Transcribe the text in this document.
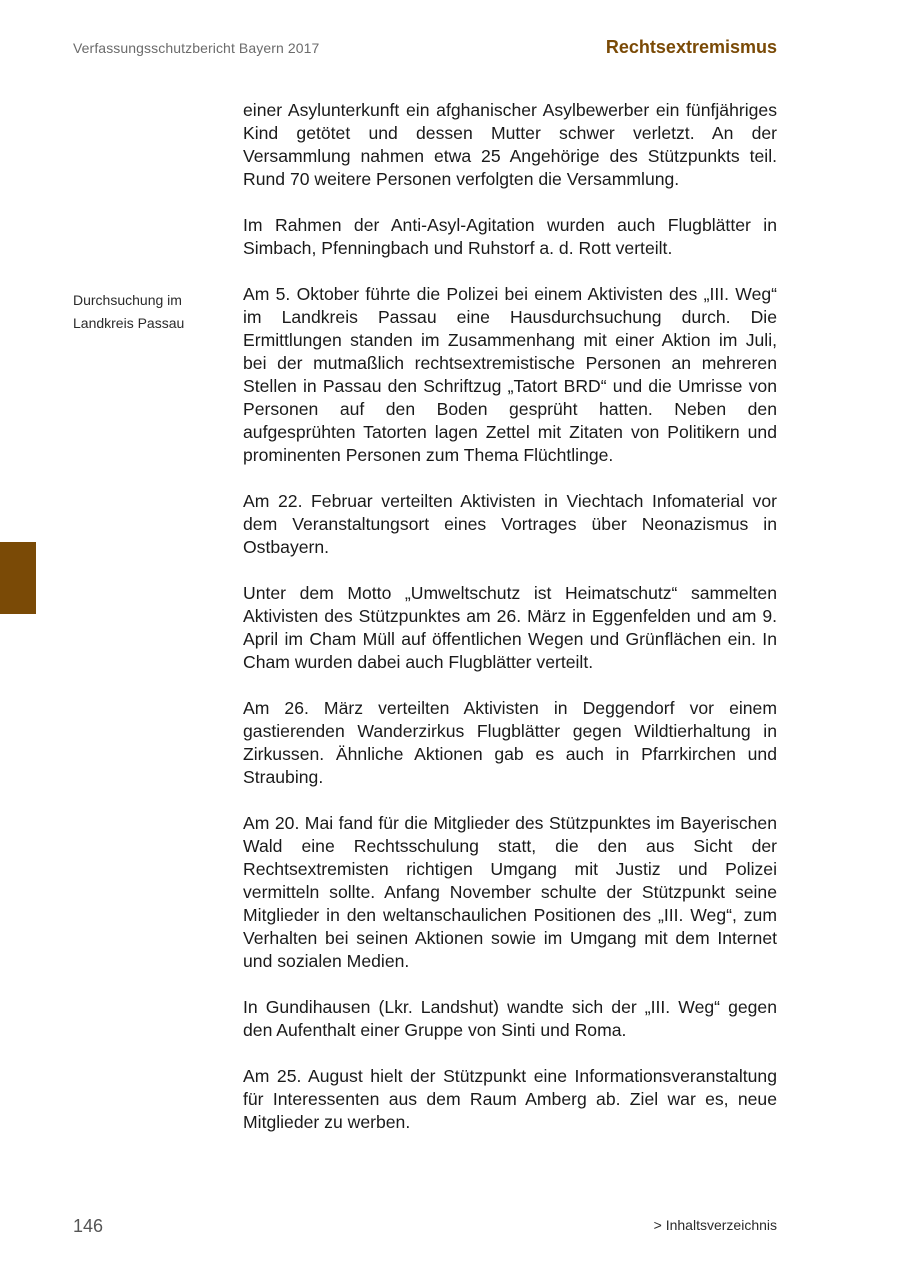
Verfassungsschutzbericht Bayern 2017	Rechtsextremismus
Durchsuchung im
Landkreis Passau

einer Asylunterkunft ein afghanischer Asylbewerber ein fünfjähriges Kind getötet und dessen Mutter schwer verletzt. An der Versammlung nahmen etwa 25 Angehörige des Stützpunkts teil. Rund 70 weitere Personen verfolgten die Versammlung.

Im Rahmen der Anti-Asyl-Agitation wurden auch Flugblätter in Simbach, Pfenningbach und Ruhstorf a. d. Rott verteilt.

Am 5. Oktober führte die Polizei bei einem Aktivisten des „III. Weg“ im Landkreis Passau eine Hausdurchsuchung durch. Die Ermittlungen standen im Zusammenhang mit einer Aktion im Juli, bei der mutmaßlich rechtsextremistische Personen an mehreren Stellen in Passau den Schriftzug „Tatort BRD“ und die Umrisse von Personen auf den Boden gesprüht hatten. Neben den aufgesprühten Tatorten lagen Zettel mit Zitaten von Politikern und prominenten Personen zum Thema Flüchtlinge.

Am 22. Februar verteilten Aktivisten in Viechtach Infomaterial vor dem Veranstaltungsort eines Vortrages über Neonazismus in Ostbayern.

Unter dem Motto „Umweltschutz ist Heimatschutz“ sammelten Aktivisten des Stützpunktes am 26. März in Eggenfelden und am 9. April im Cham Müll auf öffentlichen Wegen und Grünflächen ein. In Cham wurden dabei auch Flugblätter verteilt.

Am 26. März verteilten Aktivisten in Deggendorf vor einem gastierenden Wanderzirkus Flugblätter gegen Wildtierhaltung in Zirkussen. Ähnliche Aktionen gab es auch in Pfarrkirchen und Straubing.

Am 20. Mai fand für die Mitglieder des Stützpunktes im Bayerischen Wald eine Rechtsschulung statt, die den aus Sicht der Rechtsextremisten richtigen Umgang mit Justiz und Polizei vermitteln sollte. Anfang November schulte der Stützpunkt seine Mitglieder in den weltanschaulichen Positionen des „III. Weg“, zum Verhalten bei seinen Aktionen sowie im Umgang mit dem Internet und sozialen Medien.

In Gundihausen (Lkr. Landshut) wandte sich der „III. Weg“ gegen den Aufenthalt einer Gruppe von Sinti und Roma.

Am 25. August hielt der Stützpunkt eine Informationsveranstaltung für Interessenten aus dem Raum Amberg ab. Ziel war es, neue Mitglieder zu werben.

146	> Inhaltsverzeichnis
